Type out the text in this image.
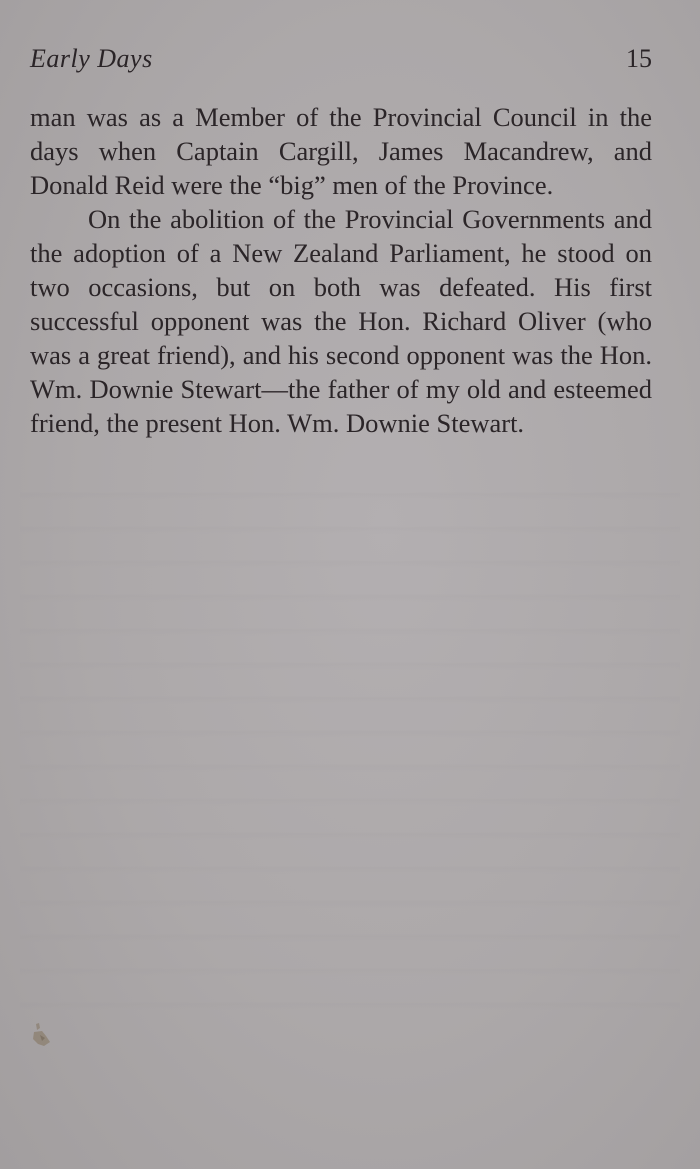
Early Days	15

man was as a Member of the Provincial Council in the days when Captain Cargill, James Macandrew, and Donald Reid were the “big” men of the Province.

On the abolition of the Provincial Governments and the adoption of a New Zealand Parliament, he stood on two occasions, but on both was defeated. His first successful opponent was the Hon. Richard Oliver (who was a great friend), and his second opponent was the Hon. Wm. Downie Stewart—the father of my old and esteemed friend, the present Hon. Wm. Downie Stewart.
